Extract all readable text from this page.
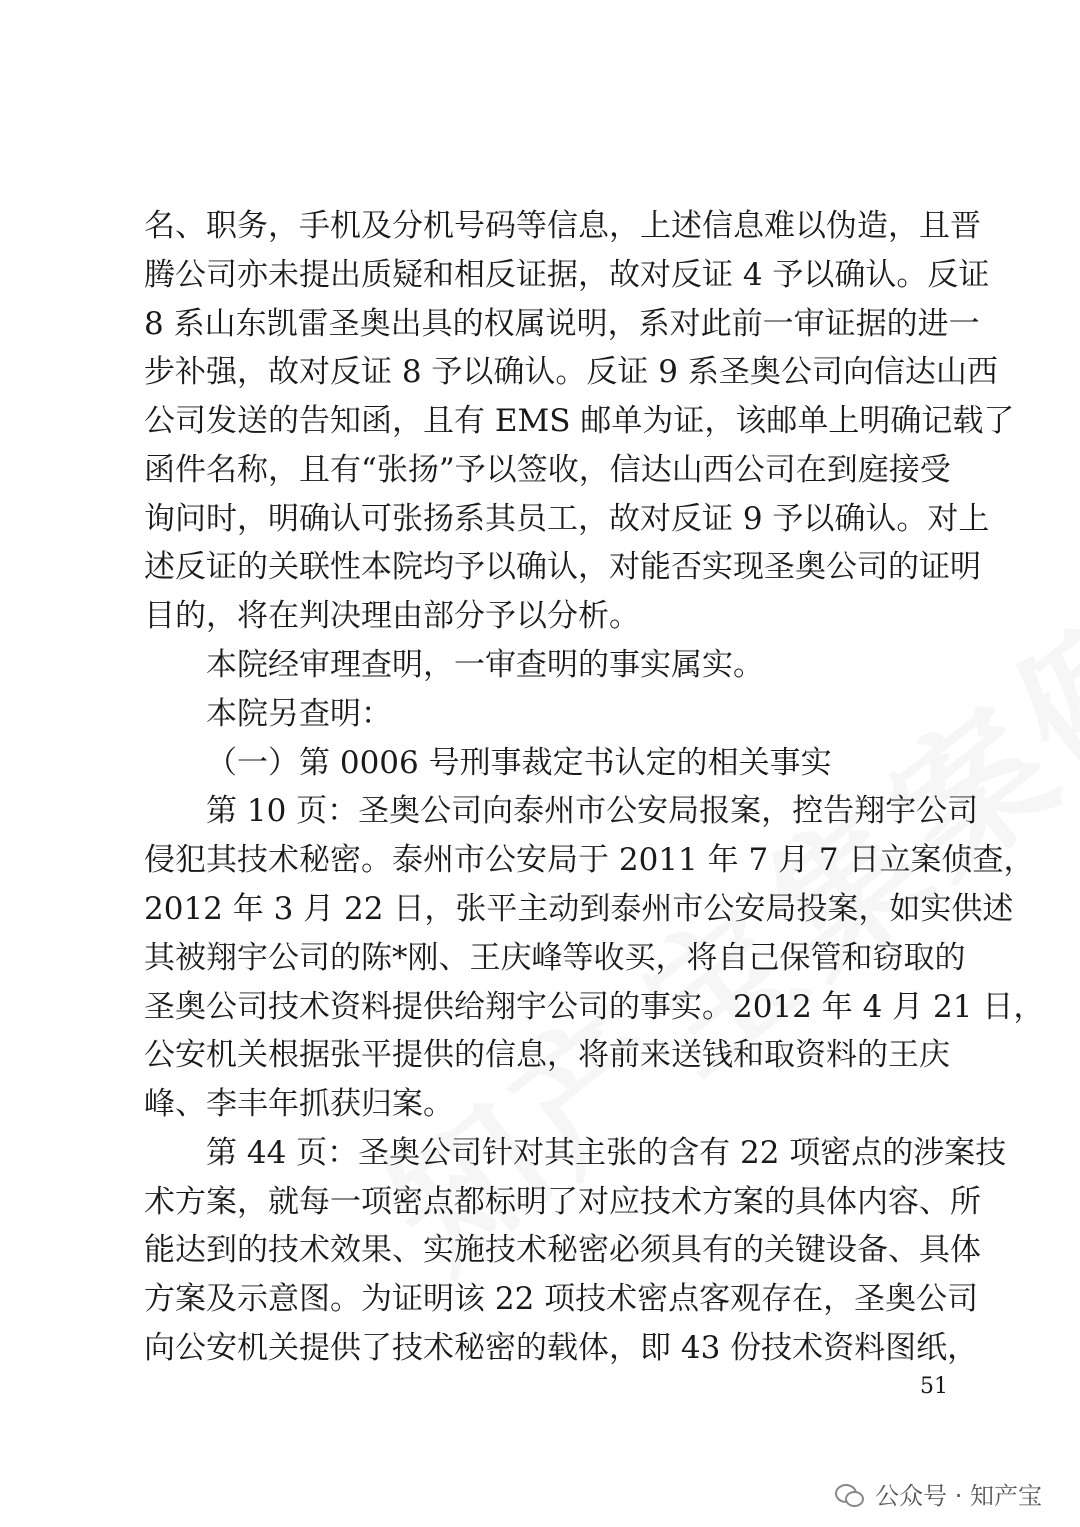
名、职务，手机及分机号码等信息，上述信息难以伪造，且晋
腾公司亦未提出质疑和相反证据，故对反证 4 予以确认。反证
8 系山东凯雷圣奥出具的权属说明，系对此前一审证据的进一
步补强，故对反证 8 予以确认。反证 9 系圣奥公司向信达山西
公司发送的告知函，且有 EMS 邮单为证，该邮单上明确记载了
函件名称，且有“张扬”予以签收，信达山西公司在到庭接受
询问时，明确认可张扬系其员工，故对反证 9 予以确认。对上
述反证的关联性本院均予以确认，对能否实现圣奥公司的证明
目的，将在判决理由部分予以分析。
本院经审理查明，一审查明的事实属实。
本院另查明：
（一）第 0006 号刑事裁定书认定的相关事实
第 10 页：圣奥公司向泰州市公安局报案，控告翔宇公司
侵犯其技术秘密。泰州市公安局于 2011 年 7 月 7 日立案侦查，
2012 年 3 月 22 日，张平主动到泰州市公安局投案，如实供述
其被翔宇公司的陈*刚、王庆峰等收买，将自己保管和窃取的
圣奥公司技术资料提供给翔宇公司的事实。2012 年 4 月 21 日，
公安机关根据张平提供的信息，将前来送钱和取资料的王庆
峰、李丰年抓获归案。
第 44 页：圣奥公司针对其主张的含有 22 项密点的涉案技
术方案，就每一项密点都标明了对应技术方案的具体内容、所
能达到的技术效果、实施技术秘密必须具有的关键设备、具体
方案及示意图。为证明该 22 项技术密点客观存在，圣奥公司
向公安机关提供了技术秘密的载体，即 43 份技术资料图纸，
51
公众号 · 知产宝
